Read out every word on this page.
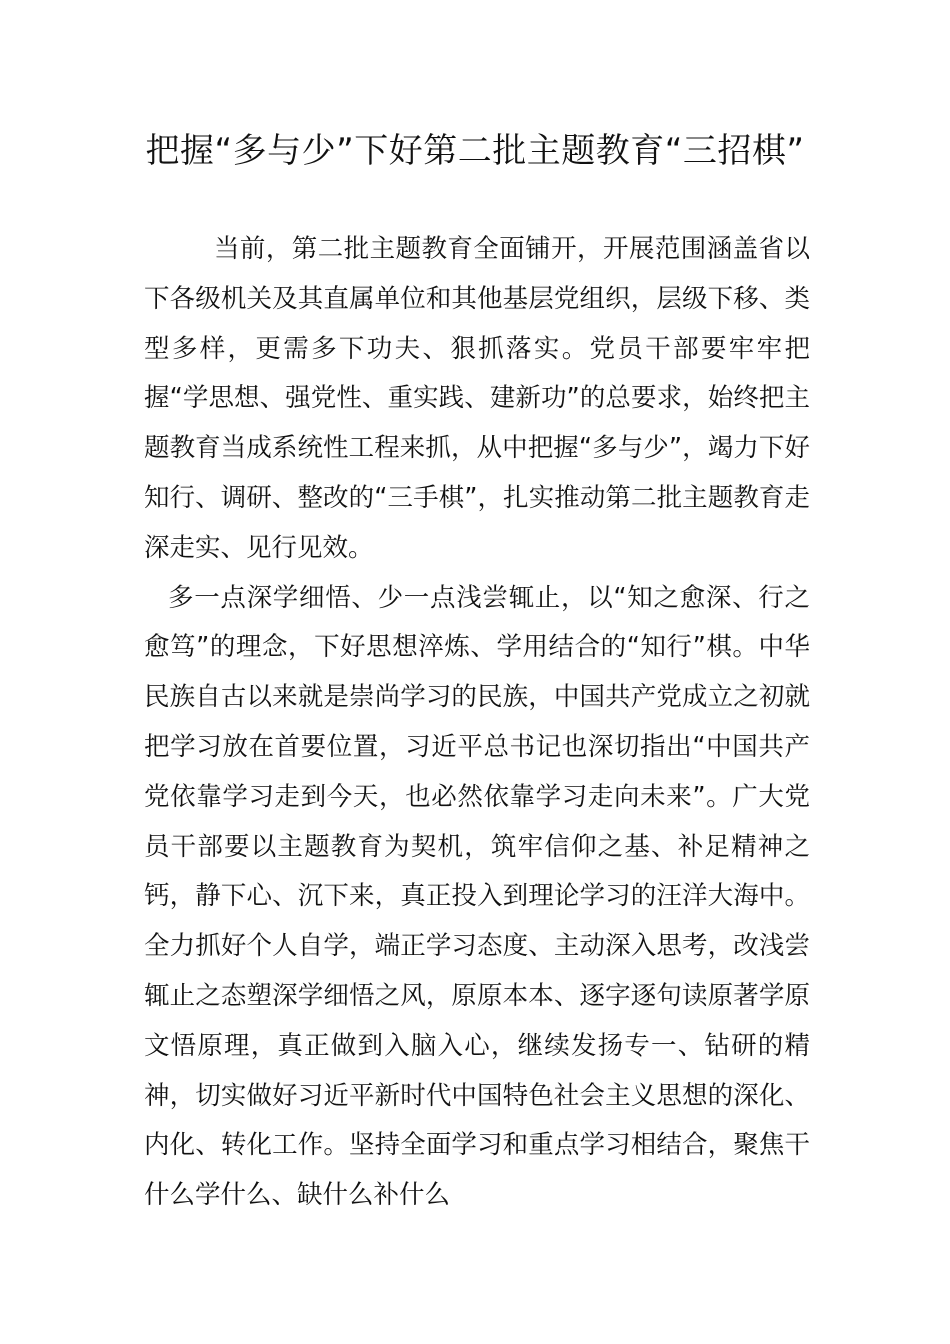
把握“多与少”下好第二批主题教育“三招棋”

当前，第二批主题教育全面铺开，开展范围涵盖省以下各级机关及其直属单位和其他基层党组织，层级下移、类型多样，更需多下功夫、狠抓落实。党员干部要牢牢把握“学思想、强党性、重实践、建新功”的总要求，始终把主题教育当成系统性工程来抓，从中把握“多与少”，竭力下好知行、调研、整改的“三手棋”，扎实推动第二批主题教育走深走实、见行见效。

多一点深学细悟、少一点浅尝辄止，以“知之愈深、行之愈笃”的理念，下好思想淬炼、学用结合的“知行”棋。中华民族自古以来就是崇尚学习的民族，中国共产党成立之初就把学习放在首要位置，习近平总书记也深切指出“中国共产党依靠学习走到今天，也必然依靠学习走向未来”。广大党员干部要以主题教育为契机，筑牢信仰之基、补足精神之钙，静下心、沉下来，真正投入到理论学习的汪洋大海中。全力抓好个人自学，端正学习态度、主动深入思考，改浅尝辄止之态塑深学细悟之风，原原本本、逐字逐句读原著学原文悟原理，真正做到入脑入心，继续发扬专一、钻研的精神，切实做好习近平新时代中国特色社会主义思想的深化、内化、转化工作。坚持全面学习和重点学习相结合，聚焦干什么学什么、缺什么补什么
